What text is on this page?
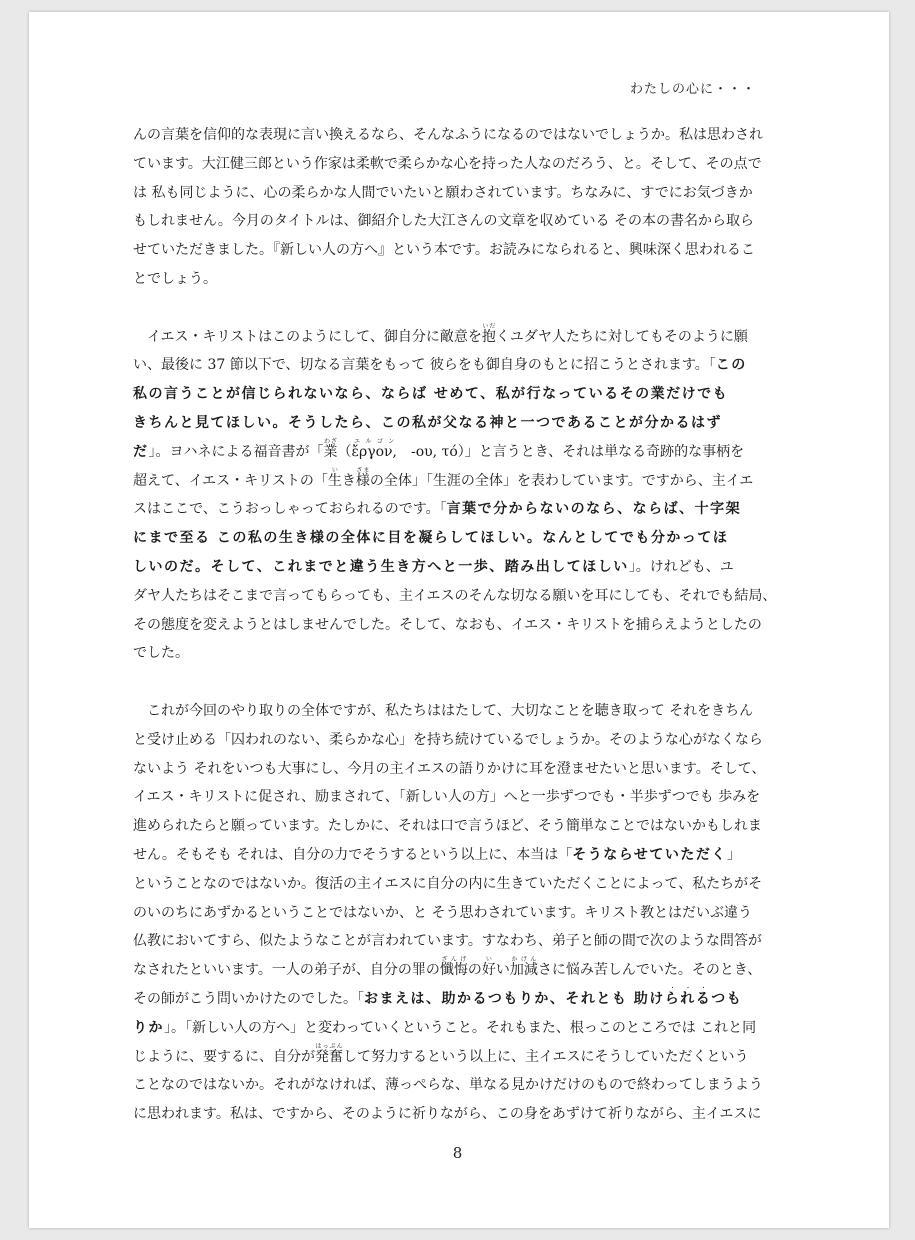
わたしの心に・・・
んの言葉を信仰的な表現に言い換えるなら、そんなふうになるのではないでしょうか。私は思わされ
ています。大江健三郎という作家は柔軟で柔らかな心を持った人なのだろう、と。そして、その点で
は 私も同じように、心の柔らかな人間でいたいと願わされています。ちなみに、すでにお気づきか
もしれません。今月のタイトルは、御紹介した大江さんの文章を収めている その本の書名から取ら
せていただきました。『新しい人の方へ』という本です。お読みになられると、興味深く思われるこ
とでしょう。
　イエス・キリストはこのようにして、御自分に敵意を抱いだくユダヤ人たちに対してもそのように願
い、最後に 37 節以下で、切なる言葉をもって 彼らをも御自身のもとに招こうとされます。「この
私の言うことが信じられないなら、ならば せめて、私が行なっているその業だけでも
きちんと見てほしい。そうしたら、この私が父なる神と一つであることが分かるはず
だ」。ヨハネによる福音書が「業わざ（ἔργον,エルゴン　-ου, τό）」と言うとき、それは単なる奇跡的な事柄を
超えて、イエス・キリストの「生いき様ざまの全体」「生涯の全体」を表わしています。ですから、主イエ
スはここで、こうおっしゃっておられるのです。「言葉で分からないのなら、ならば、十字架
にまで至る この私の生き様の全体に目を凝らしてほしい。なんとしてでも分かってほ
しいのだ。そして、これまでと違う生き方へと一歩、踏み出してほしい」。けれども、ユ
ダヤ人たちはそこまで言ってもらっても、主イエスのそんな切なる願いを耳にしても、それでも結局、
その態度を変えようとはしませんでした。そして、なおも、イエス・キリストを捕らえようとしたの
でした。
　これが今回のやり取りの全体ですが、私たちははたして、大切なことを聴き取って それをきちん
と受け止める「囚われのない、柔らかな心」を持ち続けているでしょうか。そのような心がなくなら
ないよう それをいつも大事にし、今月の主イエスの語りかけに耳を澄ませたいと思います。そして、
イエス・キリストに促され、励まされて、「新しい人の方」へと一歩ずつでも・半歩ずつでも 歩みを
進められたらと願っています。たしかに、それは口で言うほど、そう簡単なことではないかもしれま
せん。そもそも それは、自分の力でそうするという以上に、本当は「そうならせていただく」
ということなのではないか。復活の主イエスに自分の内に生きていただくことによって、私たちがそ
のいのちにあずかるということではないか、と そう思わされています。キリスト教とはだいぶ違う
仏教においてすら、似たようなことが言われています。すなわち、弟子と師の間で次のような問答が
なされたといいます。一人の弟子が、自分の罪の懺悔ざんげの好いい加減かげんさに悩み苦しんでいた。そのとき、
その師がこう問いかけたのでした。「おまえは、助かるつもりか、それとも 助けられる・・・つも
りか」。「新しい人の方へ」と変わっていくということ。それもまた、根っこのところでは これと同
じように、要するに、自分が発奮はっぷんして努力するという以上に、主イエスにそうしていただくという
ことなのではないか。それがなければ、薄っぺらな、単なる見かけだけのもので終わってしまうよう
に思われます。私は、ですから、そのように祈りながら、この身をあずけて祈りながら、主イエスに
8
